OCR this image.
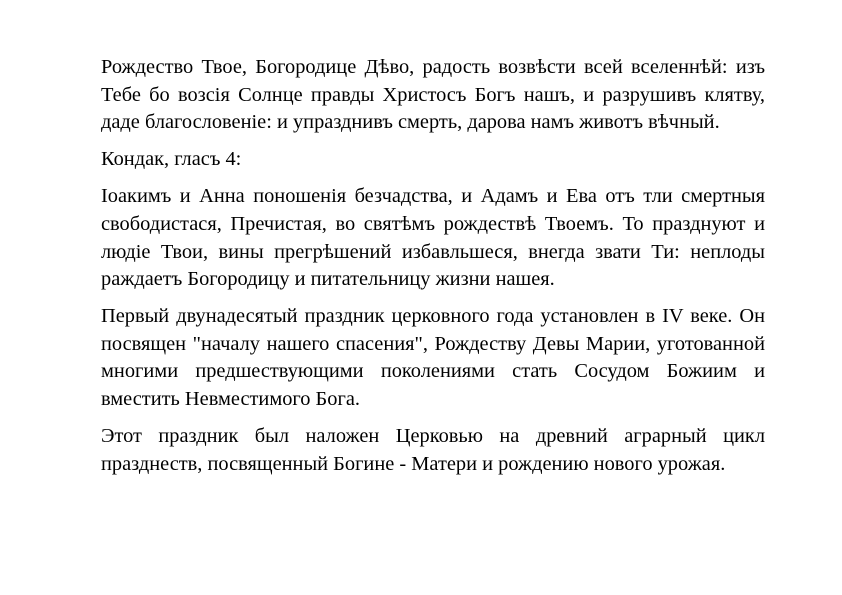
Рождество Твое, Богородице Дѣво, радость возвѣсти всей вселеннѣй: изъ Тебе бо возсія Солнце правды Христосъ Богъ нашъ, и разрушивъ клятву, даде благословеніе: и упразднивъ смерть, дарова намъ животъ вѣчный.

Кондак, гласъ 4:

Іоакимъ и Анна поношенія безчадства, и Адамъ и Ева отъ тли смертныя свободистася, Пречистая, во святѣмъ рождествѣ Твоемъ. То празднуют и людіе Твои, вины прегрѣшений избавльшеся, внегда звати Ти: неплоды раждаетъ Богородицу и питательницу жизни нашея.

Первый двунадесятый праздник церковного года установлен в IV веке. Он посвящен "началу нашего спасения", Рождеству Девы Марии, уготованной многими предшествующими поколениями стать Сосудом Божиим и вместить Невместимого Бога.

Этот праздник был наложен Церковью на древний аграрный цикл празднеств, посвященный Богине - Матери и рождению нового урожая.
